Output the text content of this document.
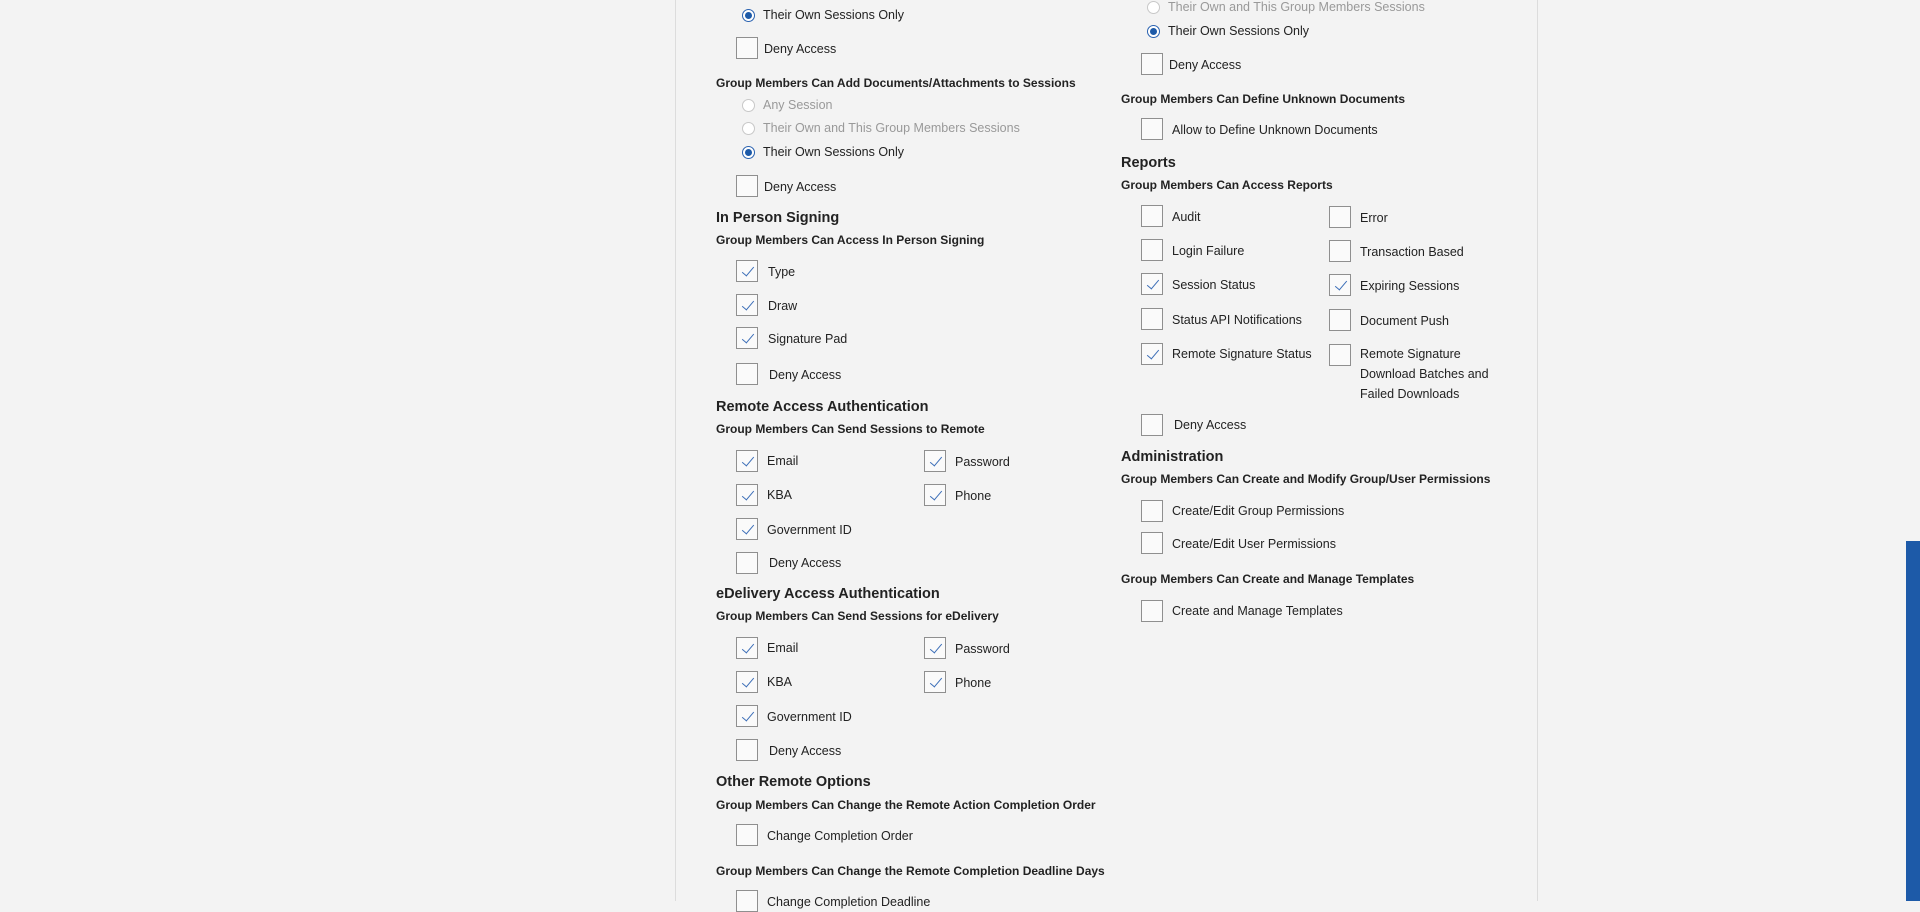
Their Own Sessions Only
Deny Access
Group Members Can Add Documents/Attachments to Sessions
Any Session
Their Own and This Group Members Sessions
Their Own Sessions Only
Deny Access
In Person Signing
Group Members Can Access In Person Signing
Type
Draw
Signature Pad
Deny Access
Remote Access Authentication
Group Members Can Send Sessions to Remote
Email	Password
KBA	Phone
Government ID
Deny Access
eDelivery Access Authentication
Group Members Can Send Sessions for eDelivery
Email	Password
KBA	Phone
Government ID
Deny Access
Other Remote Options
Group Members Can Change the Remote Action Completion Order
Change Completion Order
Group Members Can Change the Remote Completion Deadline Days
Change Completion Deadline
Their Own and This Group Members Sessions
Their Own Sessions Only
Deny Access
Group Members Can Define Unknown Documents
Allow to Define Unknown Documents
Reports
Group Members Can Access Reports
Audit	Error
Login Failure	Transaction Based
Session Status	Expiring Sessions
Status API Notifications	Document Push
Remote Signature Status	Remote Signature Download Batches and Failed Downloads
Deny Access
Administration
Group Members Can Create and Modify Group/User Permissions
Create/Edit Group Permissions
Create/Edit User Permissions
Group Members Can Create and Manage Templates
Create and Manage Templates
